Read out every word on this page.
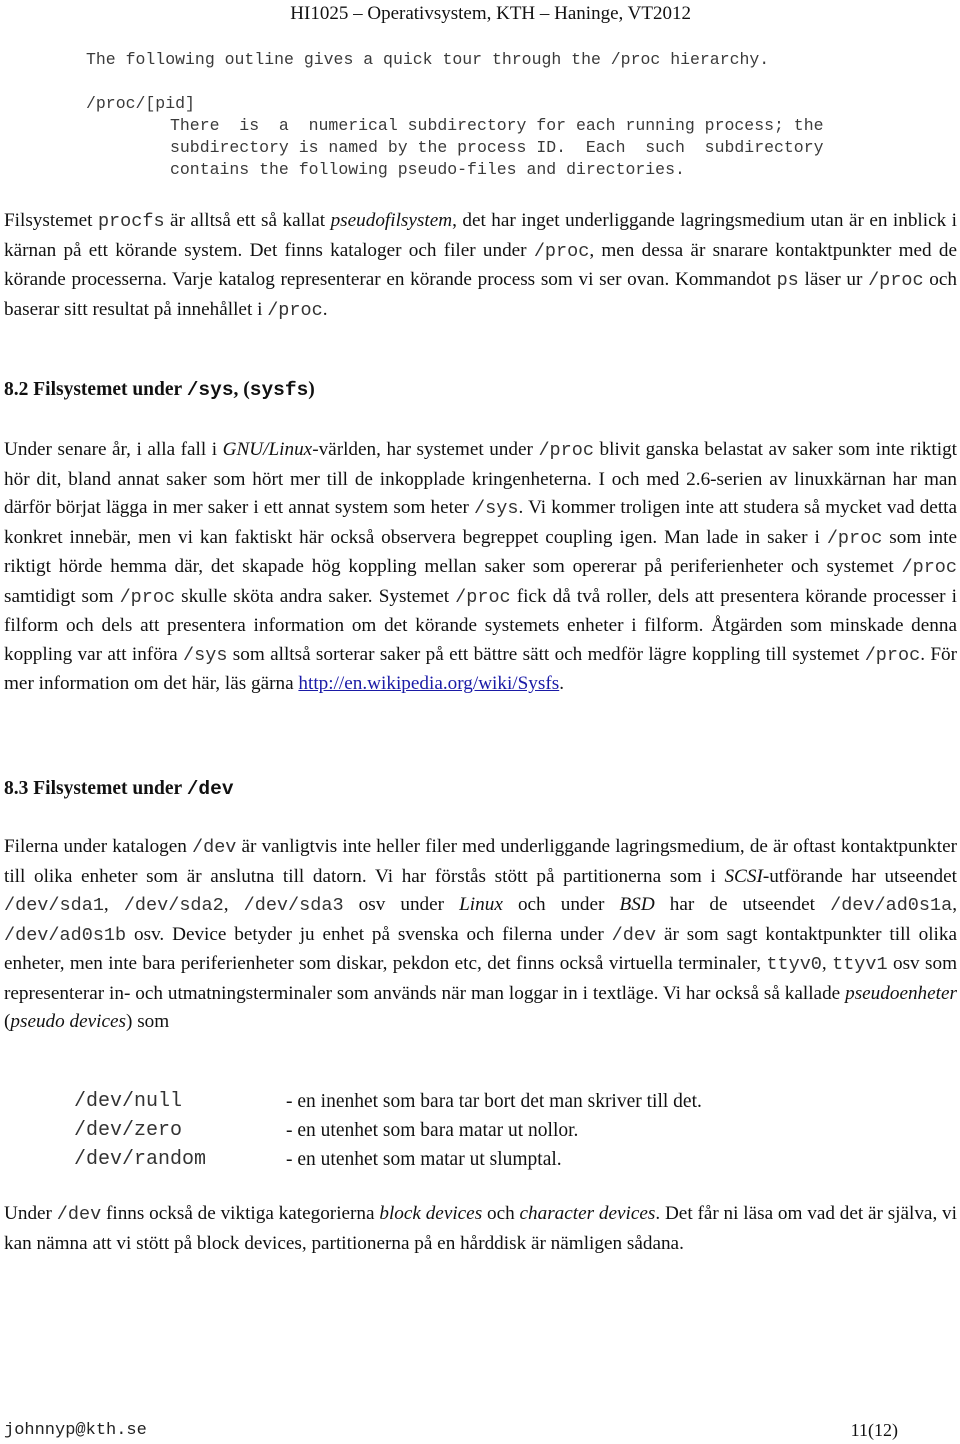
HI1025 – Operativsystem, KTH – Haninge, VT2012
The following outline gives a quick tour through the /proc hierarchy.
/proc/[pid]
There  is  a  numerical subdirectory for each running process; the
subdirectory is named by the process ID.  Each  such  subdirectory
contains the following pseudo-files and directories.
Filsystemet procfs är alltså ett så kallat pseudofilsystem, det har inget underliggande lagringsmedium utan är en inblick i kärnan på ett körande system. Det finns kataloger och filer under /proc, men dessa är snarare kontaktpunkter med de körande processerna. Varje katalog representerar en körande process som vi ser ovan. Kommandot ps läser ur /proc och baserar sitt resultat på innehållet i /proc.
8.2 Filsystemet under /sys, (sysfs)
Under senare år, i alla fall i GNU/Linux-världen, har systemet under /proc blivit ganska belastat av saker som inte riktigt hör dit, bland annat saker som hört mer till de inkopplade kringenheterna. I och med 2.6-serien av linuxkärnan har man därför börjat lägga in mer saker i ett annat system som heter /sys. Vi kommer troligen inte att studera så mycket vad detta konkret innebär, men vi kan faktiskt här också observera begreppet coupling igen. Man lade in saker i /proc som inte riktigt hörde hemma där, det skapade hög koppling mellan saker som opererar på periferienheter och systemet /proc samtidigt som /proc skulle sköta andra saker. Systemet /proc fick då två roller, dels att presentera körande processer i filform och dels att presentera information om det körande systemets enheter i filform. Åtgärden som minskade denna koppling var att införa /sys som alltså sorterar saker på ett bättre sätt och medför lägre koppling till systemet /proc. För mer information om det här, läs gärna http://en.wikipedia.org/wiki/Sysfs.
8.3 Filsystemet under /dev
Filerna under katalogen /dev är vanligtvis inte heller filer med underliggande lagringsmedium, de är oftast kontaktpunkter till olika enheter som är anslutna till datorn. Vi har förstås stött på partitionerna som i SCSI-utförande har utseendet /dev/sda1, /dev/sda2, /dev/sda3 osv under Linux och under BSD har de utseendet /dev/ad0s1a, /dev/ad0s1b osv. Device betyder ju enhet på svenska och filerna under /dev är som sagt kontaktpunkter till olika enheter, men inte bara periferienheter som diskar, pekdon etc, det finns också virtuella terminaler, ttyv0, ttyv1 osv som representerar in- och utmatningsterminaler som används när man loggar in i textläge. Vi har också så kallade pseudoenheter (pseudo devices) som
/dev/null	- en inenhet som bara tar bort det man skriver till det.
/dev/zero	- en utenhet som bara matar ut nollor.
/dev/random	- en utenhet som matar ut slumptal.
Under /dev finns också de viktiga kategorierna block devices och character devices. Det får ni läsa om vad det är själva, vi kan nämna att vi stött på block devices, partitionerna på en hårddisk är nämligen sådana.
johnnyp@kth.se	11(12)
